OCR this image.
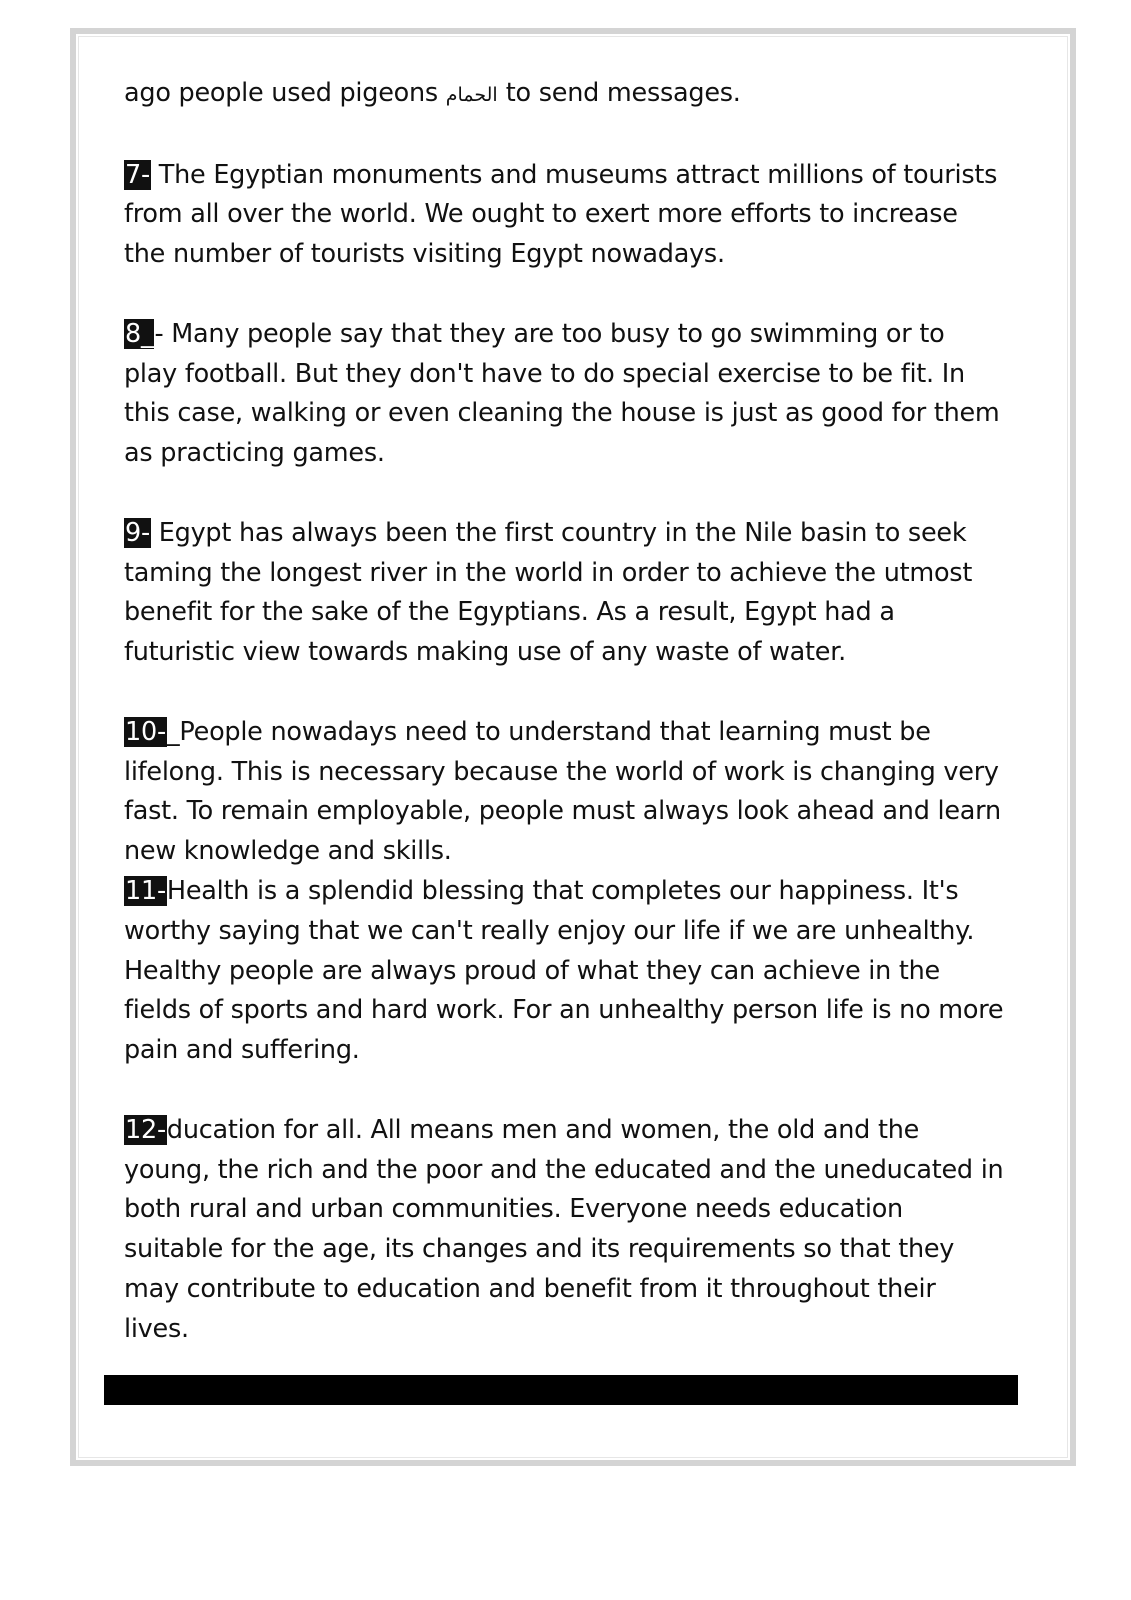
ago people used pigeons الحمام to send messages.

7- The Egyptian monuments and museums attract millions of tourists from all over the world. We ought to exert more efforts to increase the number of tourists visiting Egypt nowadays.

8_- Many people say that they are too busy to go swimming or to play football. But they don't have to do special exercise to be fit. In this case, walking or even cleaning the house is just as good for them as practicing games.

9- Egypt has always been the first country in the Nile basin to seek taming the longest river in the world in order to achieve the utmost benefit for the sake of the Egyptians. As a result, Egypt had a futuristic view towards making use of any waste of water.

10-_People nowadays need to understand that learning must be lifelong. This is necessary because the world of work is changing very fast. To remain employable, people must always look ahead and learn new knowledge and skills.

11-Health is a splendid blessing that completes our happiness. It's worthy saying that we can't really enjoy our life if we are unhealthy. Healthy people are always proud of what they can achieve in the fields of sports and hard work. For an unhealthy person life is no more pain and suffering.

12-ducation for all. All means men and women, the old and the young, the rich and the poor and the educated and the uneducated in both rural and urban communities. Everyone needs education suitable for the age, its changes and its requirements so that they may contribute to education and benefit from it throughout their lives.
